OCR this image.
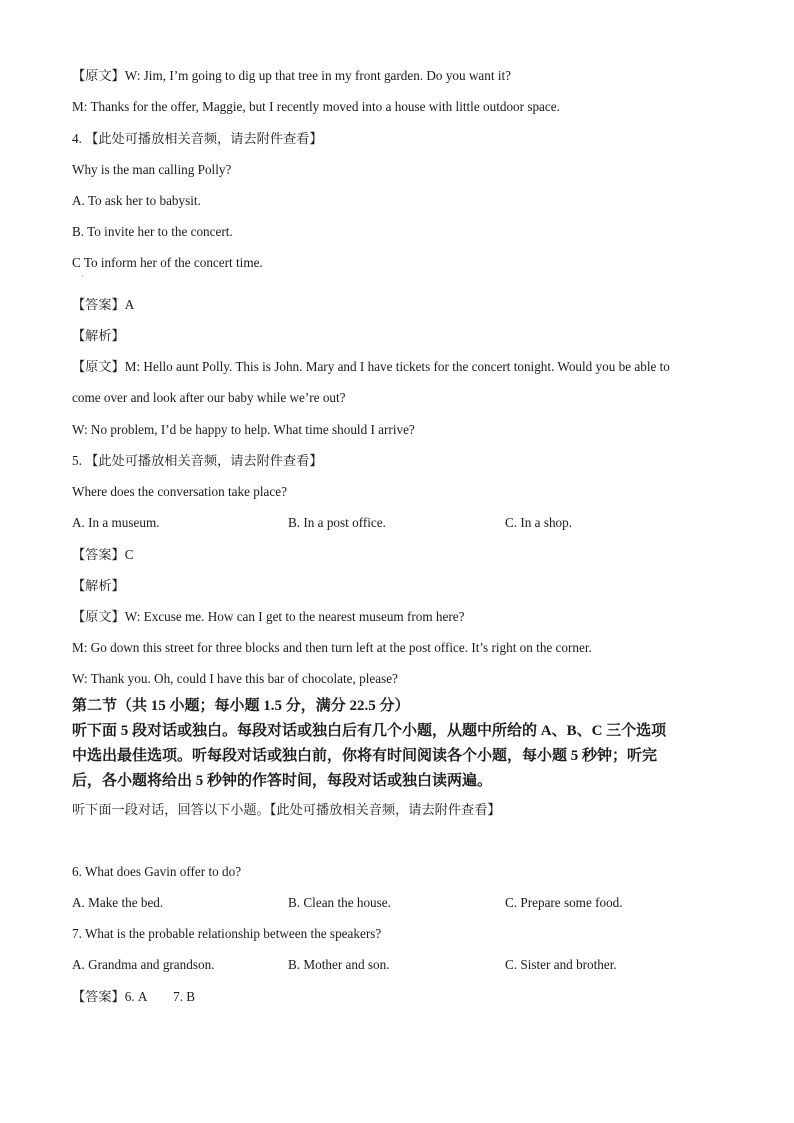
【原文】W: Jim, I’m going to dig up that tree in my front garden. Do you want it?
M: Thanks for the offer, Maggie, but I recently moved into a house with little outdoor space.
4. 【此处可播放相关音频，请去附件查看】
Why is the man calling Polly?
A. To ask her to babysit.
B. To invite her to the concert.
C To inform her of the concert time.
·
【答案】A
【解析】
【原文】M: Hello aunt Polly. This is John. Mary and I have tickets for the concert tonight. Would you be able to
come over and look after our baby while we’re out?
W: No problem, I’d be happy to help. What time should I arrive?
5. 【此处可播放相关音频，请去附件查看】
Where does the conversation take place?
A. In a museum.	B. In a post office.	C. In a shop.
【答案】C
【解析】
【原文】W: Excuse me. How can I get to the nearest museum from here?
M: Go down this street for three blocks and then turn left at the post office. It’s right on the corner.
W: Thank you. Oh, could I have this bar of chocolate, please?
第二节（共 15 小题；每小题 1.5 分，满分 22.5 分）
听下面 5 段对话或独白。每段对话或独白后有几个小题，从题中所给的 A、B、C 三个选项
中选出最佳选项。听每段对话或独白前，你将有时间阅读各个小题，每小题 5 秒钟；听完
后，各小题将给出 5 秒钟的作答时间，每段对话或独白读两遍。
听下面一段对话，回答以下小题。【此处可播放相关音频，请去附件查看】
6. What does Gavin offer to do?
A. Make the bed.	B. Clean the house.	C. Prepare some food.
7. What is the probable relationship between the speakers?
A. Grandma and grandson.	B. Mother and son.	C. Sister and brother.
【答案】6. A　　7. B
